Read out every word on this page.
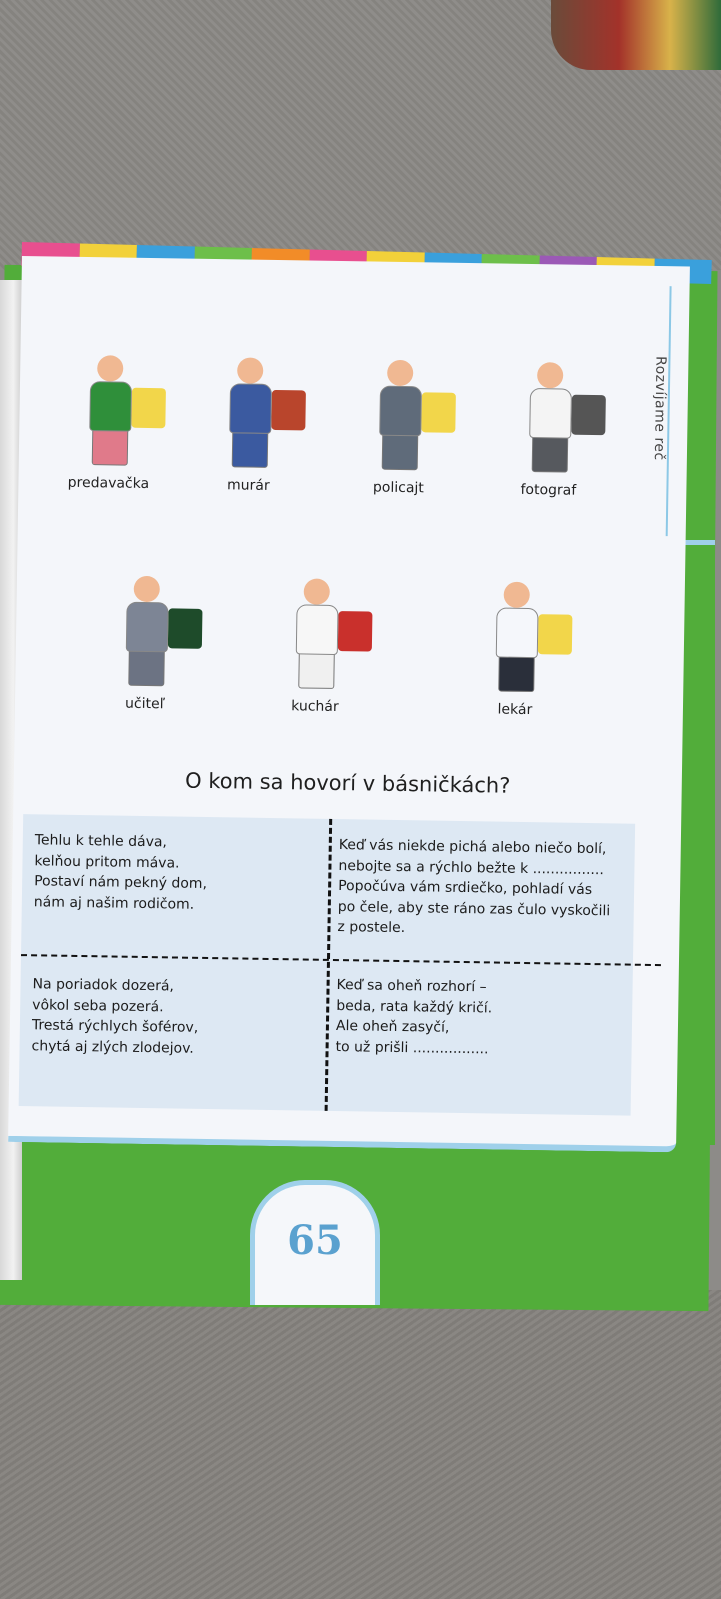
Rozvíjame reč
predavačka	murár	policajt	fotograf
učiteľ	kuchár	lekár
O kom sa hovorí v básničkách?
Tehlu k tehle dáva,
kelňou pritom máva.
Postaví nám pekný dom,
nám aj našim rodičom.
Keď vás niekde pichá alebo niečo bolí,
nebojte sa a rýchlo bežte k ................
Popočúva vám srdiečko, pohladí vás
po čele, aby ste ráno zas čulo vyskočili
z postele.
Na poriadok dozerá,
vôkol seba pozerá.
Trestá rýchlych šoférov,
chytá aj zlých zlodejov.
Keď sa oheň rozhorí –
beda, rata každý kričí.
Ale oheň zasyčí,
to už prišli .................
65
